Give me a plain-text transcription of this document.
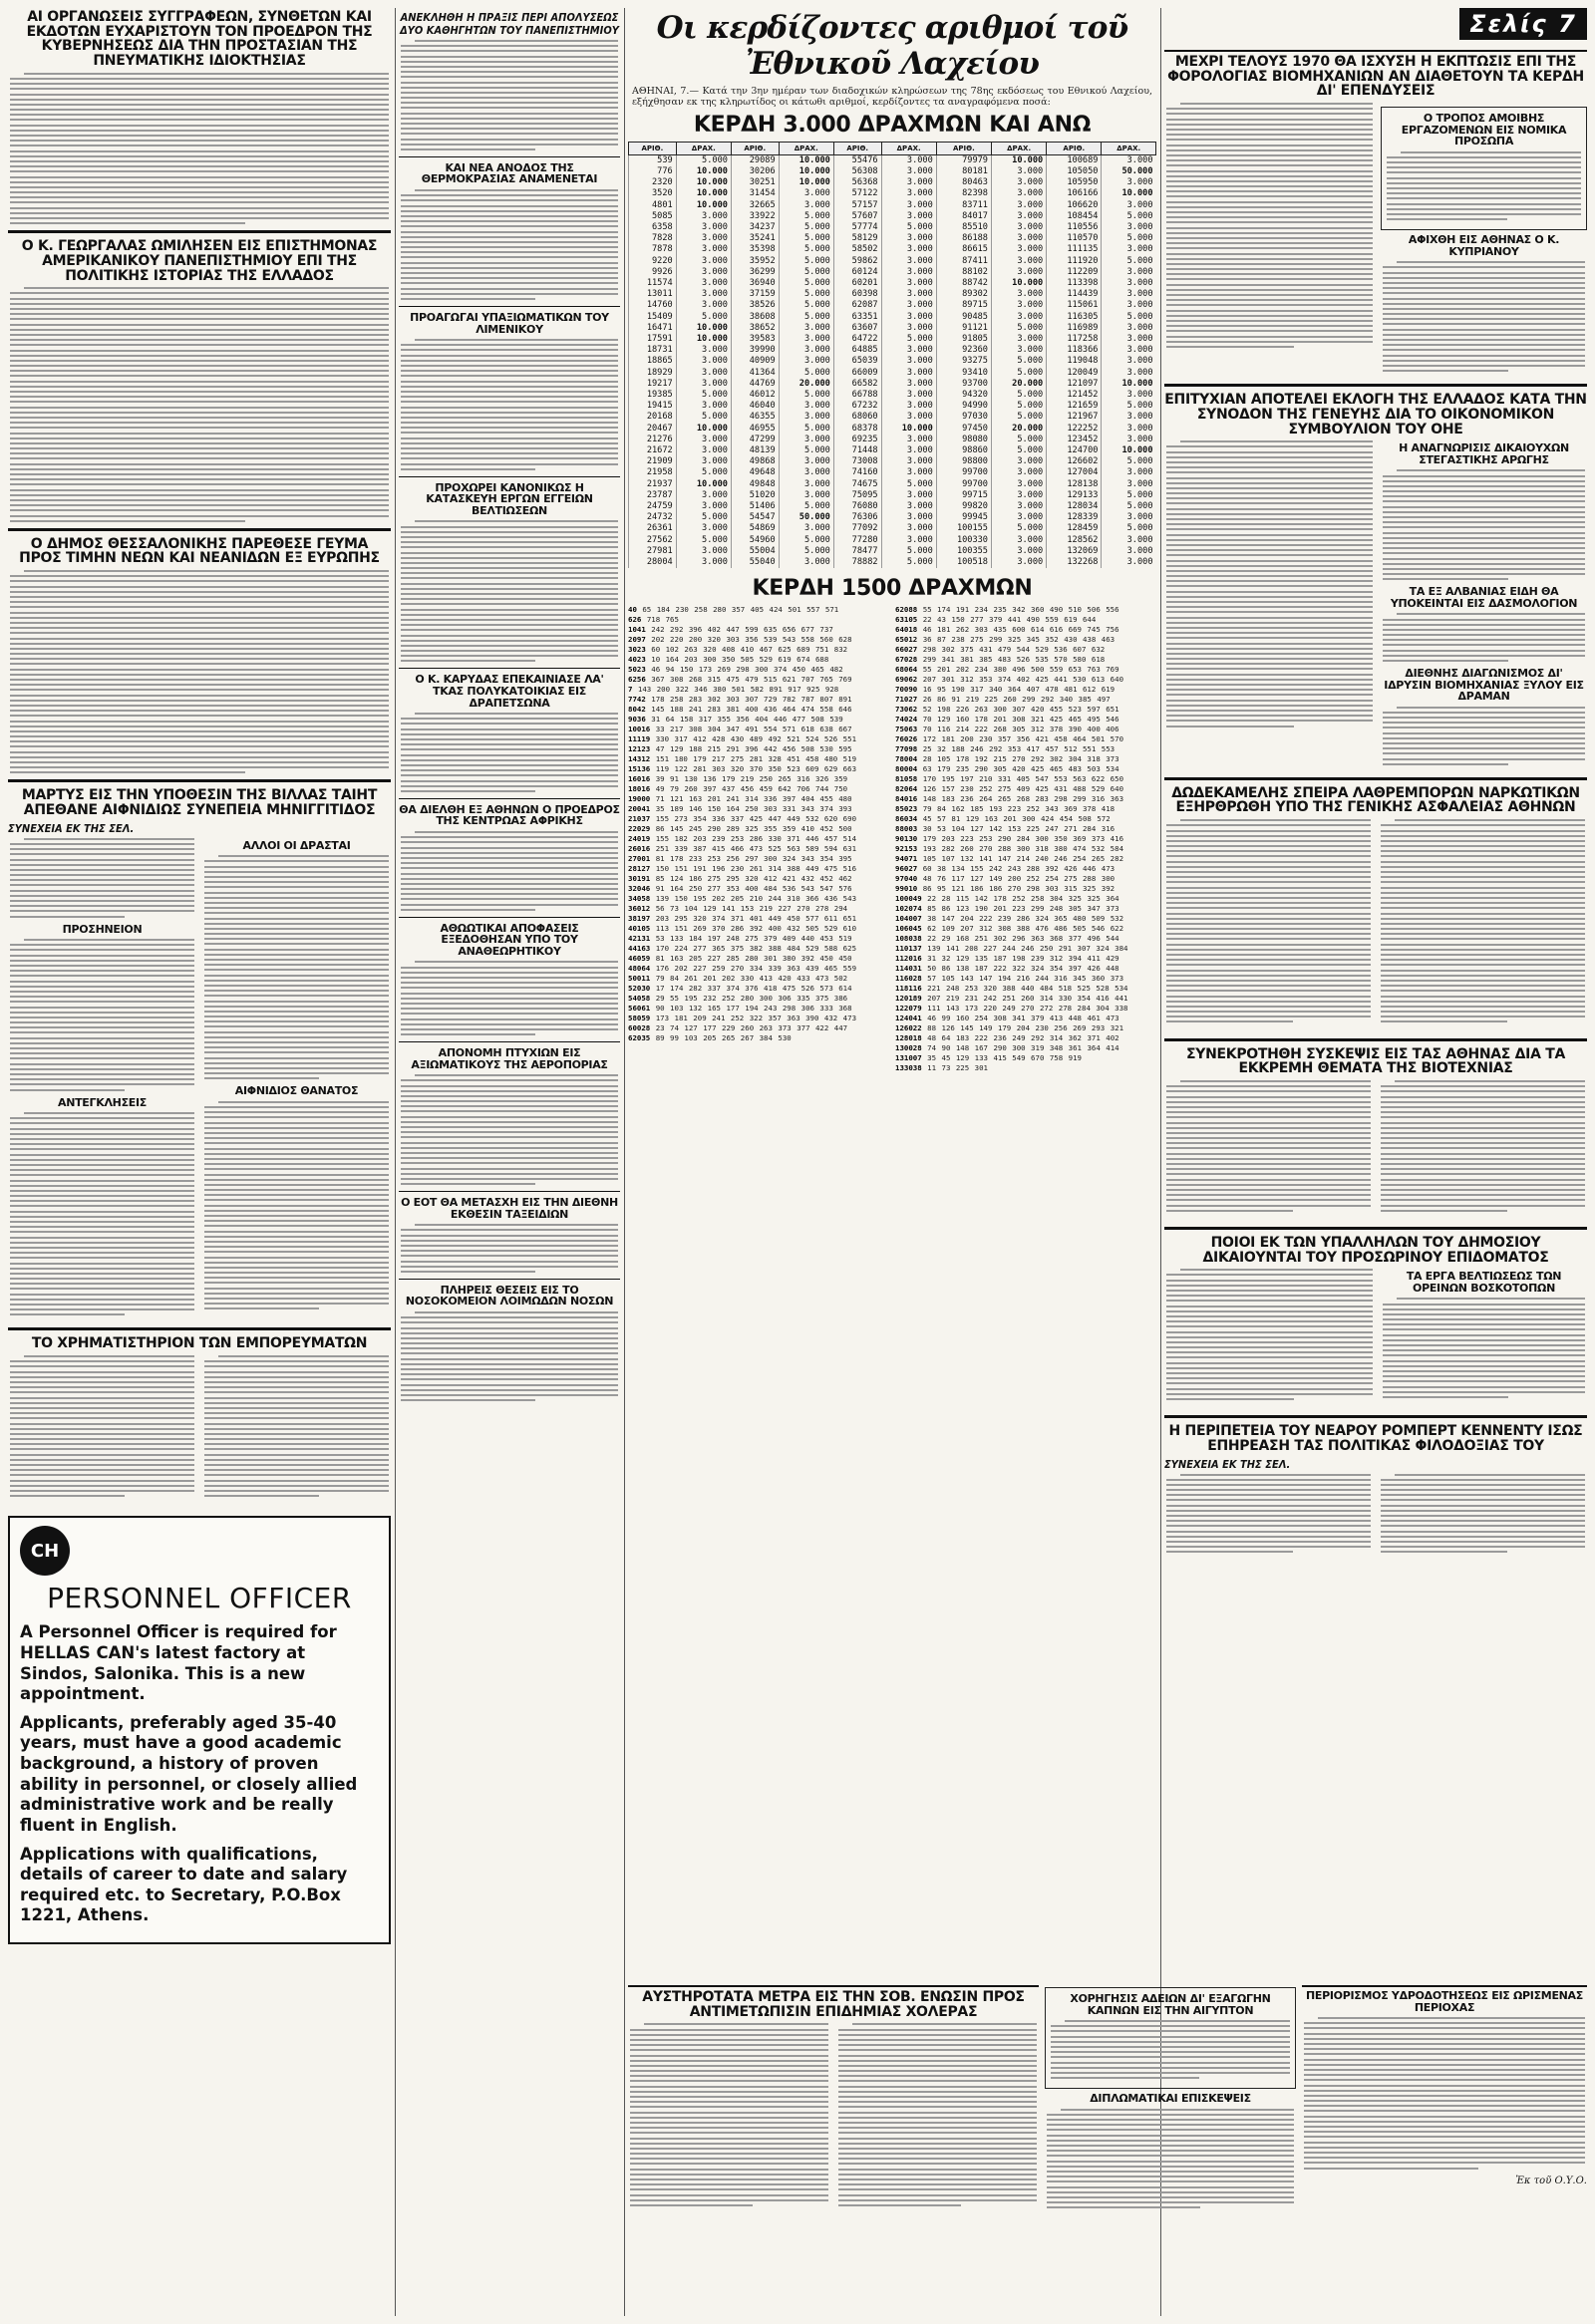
ΑΙ ΟΡΓΑΝΩΣΕΙΣ ΣΥΓΓΡΑΦΕΩΝ, ΣΥΝΘΕΤΩΝ ΚΑΙ ΕΚΔΟΤΩΝ ΕΥΧΑΡΙΣΤΟΥΝ ΤΟΝ ΠΡΟΕΔΡΟΝ ΤΗΣ ΚΥΒΕΡΝΗΣΕΩΣ ΔΙΑ ΤΗΝ ΠΡΟΣΤΑΣΙΑΝ ΤΗΣ ΠΝΕΥΜΑΤΙΚΗΣ ΙΔΙΟΚΤΗΣΙΑΣ
Ο Κ. ΓΕΩΡΓΑΛΑΣ ΩΜΙΛΗΣΕΝ ΕΙΣ ΕΠΙΣΤΗΜΟΝΑΣ ΑΜΕΡΙΚΑΝΙΚΟΥ ΠΑΝΕΠΙΣΤΗΜΙΟΥ ΕΠΙ ΤΗΣ ΠΟΛΙΤΙΚΗΣ ΙΣΤΟΡΙΑΣ ΤΗΣ ΕΛΛΑΔΟΣ
Ο ΔΗΜΟΣ ΘΕΣΣΑΛΟΝΙΚΗΣ ΠΑΡΕΘΕΣΕ ΓΕΥΜΑ ΠΡΟΣ ΤΙΜΗΝ ΝΕΩΝ ΚΑΙ ΝΕΑΝΙΔΩΝ ΕΞ ΕΥΡΩΠΗΣ
ΜΑΡΤΥΣ ΕΙΣ ΤΗΝ ΥΠΟΘΕΣΙΝ ΤΗΣ ΒΙΛΛΑΣ ΤΑΙΗΤ ΑΠΕΘΑΝΕ ΑΙΦΝΙΔΙΩΣ ΣΥΝΕΠΕΙΑ ΜΗΝΙΓΓΙΤΙΔΟΣ
ΣΥΝΕΧΕΙΑ ΕΚ ΤΗΣ ΣΕΛ.
ΠΡΟΣΗΝΕΙΟΝ
ΑΝΤΕΓΚΛΗΣΕΙΣ
ΑΛΛΟΙ ΟΙ ΔΡΑΣΤΑΙ
ΑΙΦΝΙΔΙΟΣ ΘΑΝΑΤΟΣ
ΤΟ ΧΡΗΜΑΤΙΣΤΗΡΙΟΝ ΤΩΝ ΕΜΠΟΡΕΥΜΑΤΩΝ
CH
PERSONNEL OFFICER

A Personnel Officer is required for HELLAS CAN's latest factory at Sindos, Salonika. This is a new appointment.

Applicants, preferably aged 35-40 years, must have a good academic background, a history of proven ability in personnel, or closely allied administrative work and be really fluent in English.

Applications with qualifications, details of career to date and salary required etc. to Secretary, P.O.Box 1221, Athens.

ΑΝΕΚΛΗΘΗ Η ΠΡΑΞΙΣ ΠΕΡΙ ΑΠΟΛΥΣΕΩΣ ΔΥΟ ΚΑΘΗΓΗΤΩΝ ΤΟΥ ΠΑΝΕΠΙΣΤΗΜΙΟΥ
ΚΑΙ ΝΕΑ ΑΝΟΔΟΣ ΤΗΣ ΘΕΡΜΟΚΡΑΣΙΑΣ ΑΝΑΜΕΝΕΤΑΙ
ΠΡΟΑΓΩΓΑΙ ΥΠΑΞΙΩΜΑΤΙΚΩΝ ΤΟΥ ΛΙΜΕΝΙΚΟΥ
ΠΡΟΧΩΡΕΙ ΚΑΝΟΝΙΚΩΣ Η ΚΑΤΑΣΚΕΥΗ ΕΡΓΩΝ ΕΓΓΕΙΩΝ ΒΕΛΤΙΩΣΕΩΝ
Ο Κ. ΚΑΡΥΔΑΣ ΕΠΕΚΑΙΝΙΑΣΕ ΛΑ' ΤΚΑΣ ΠΟΛΥΚΑΤΟΙΚΙΑΣ ΕΙΣ ΔΡΑΠΕΤΣΩΝΑ
ΘΑ ΔΙΕΛΘΗ ΕΞ ΑΘΗΝΩΝ Ο ΠΡΟΕΔΡΟΣ ΤΗΣ ΚΕΝΤΡΩΑΣ ΑΦΡΙΚΗΣ
ΑΘΩΩΤΙΚΑΙ ΑΠΟΦΑΣΕΙΣ ΕΞΕΔΟΘΗΣΑΝ ΥΠΟ ΤΟΥ ΑΝΑΘΕΩΡΗΤΙΚΟΥ
ΑΠΟΝΟΜΗ ΠΤΥΧΙΩΝ ΕΙΣ ΑΞΙΩΜΑΤΙΚΟΥΣ ΤΗΣ ΑΕΡΟΠΟΡΙΑΣ
Ο ΕΟΤ ΘΑ ΜΕΤΑΣΧΗ ΕΙΣ ΤΗΝ ΔΙΕΘΝΗ ΕΚΘΕΣΙΝ ΤΑΞΕΙΔΙΩΝ
ΠΛΗΡΕΙΣ ΘΕΣΕΙΣ ΕΙΣ ΤΟ ΝΟΣΟΚΟΜΕΙΟΝ ΛΟΙΜΩΔΩΝ ΝΟΣΩΝ
Οι κερδίζοντες αριθμοί τοῦ Ἐθνικοῦ Λαχείου
ΑΘΗΝΑΙ, 7.— Κατά την 3ην ημέραν των διαδοχικών κληρώσεων της 78ης εκδόσεως του Εθνικού Λαχείου, εξήχθησαν εκ της κληρωτίδος οι κάτωθι αριθμοί, κερδίζοντες τα αναγραφόμενα ποσά:
ΚΕΡΔΗ 3.000 ΔΡΑΧΜΩΝ ΚΑΙ ΑΝΩ
ΑΡΙΘ.	ΔΡΑΧ.	ΑΡΙΘ.	ΔΡΑΧ.	ΑΡΙΘ.	ΔΡΑΧ.	ΑΡΙΘ.	ΔΡΑΧ.	ΑΡΙΘ.	ΔΡΑΧ.
539	5.000	29089	10.000	55476	3.000	79979	10.000	100689	3.000
776	10.000	30206	10.000	56308	3.000	80181	3.000	105050	50.000
2320	10.000	30251	10.000	56368	3.000	80463	3.000	105950	3.000
3520	10.000	31454	3.000	57122	3.000	82398	3.000	106166	10.000
4801	10.000	32665	3.000	57157	3.000	83711	3.000	106620	3.000
5085	3.000	33922	5.000	57607	3.000	84017	3.000	108454	5.000
6358	3.000	34237	5.000	57774	5.000	85510	3.000	110556	3.000
7828	3.000	35241	5.000	58129	3.000	86188	3.000	110570	5.000
7878	3.000	35398	5.000	58502	3.000	86615	3.000	111135	3.000
9220	3.000	35952	5.000	59862	3.000	87411	3.000	111920	5.000
9926	3.000	36299	5.000	60124	3.000	88102	3.000	112209	3.000
11574	3.000	36940	5.000	60201	3.000	88742	10.000	113398	3.000
13011	3.000	37159	5.000	60398	3.000	89302	3.000	114439	3.000
14760	3.000	38526	5.000	62087	3.000	89715	3.000	115061	3.000
15409	5.000	38608	5.000	63351	3.000	90485	3.000	116305	5.000
16471	10.000	38652	3.000	63607	3.000	91121	5.000	116989	3.000
17591	10.000	39583	3.000	64722	5.000	91805	3.000	117258	3.000
18731	3.000	39990	3.000	64885	3.000	92360	3.000	118366	3.000
18865	3.000	40909	3.000	65039	3.000	93275	5.000	119048	3.000
18929	3.000	41364	5.000	66009	3.000	93410	5.000	120049	3.000
19217	3.000	44769	20.000	66582	3.000	93700	20.000	121097	10.000
19385	5.000	46012	5.000	66788	3.000	94320	5.000	121452	3.000
19415	3.000	46040	3.000	67232	3.000	94990	5.000	121659	5.000
20168	5.000	46355	3.000	68060	3.000	97030	5.000	121967	3.000
20467	10.000	46955	5.000	68378	10.000	97450	20.000	122252	3.000
21276	3.000	47299	3.000	69235	3.000	98080	5.000	123452	3.000
21672	3.000	48139	5.000	71448	3.000	98860	5.000	124700	10.000
21909	3.000	49868	3.000	73008	3.000	98800	3.000	126602	5.000
21958	5.000	49648	3.000	74160	3.000	99700	3.000	127004	3.000
21937	10.000	49848	3.000	74675	5.000	99700	3.000	128138	3.000
23787	3.000	51020	3.000	75095	3.000	99715	3.000	129133	5.000
24759	3.000	51406	5.000	76080	3.000	99820	3.000	128034	5.000
24732	5.000	54547	50.000	76306	3.000	99945	3.000	128339	3.000
26361	3.000	54869	3.000	77092	3.000	100155	5.000	128459	5.000
27562	5.000	54960	5.000	77280	3.000	100330	3.000	128562	3.000
27981	3.000	55004	5.000	78477	5.000	100355	3.000	132069	3.000
28004	3.000	55040	3.000	78882	5.000	100518	3.000	132268	3.000
ΚΕΡΔΗ 1500 ΔΡΑΧΜΩΝ
40 65 184 230 258 280 357 405 424 501 557 571
626 718 765
1041 242 292 396 402 447 599 635 656 677 737
2097 202 220 200 320 303 356 539 543 558 560 628
3023 60 102 263 320 408 410 467 625 689 751 832
4023 10 164 203 300 350 505 529 619 674 688
5023 46 94 150 173 269 298 300 374 450 465 482
6256 367 308 268 315 475 479 515 621 707 765 769
7 143 200 322 346 380 501 582 891 917 925 928
7742 178 258 283 302 303 307 729 782 787 807 891
8042 145 188 241 283 381 400 436 464 474 558 646
9036 31 64 158 317 355 356 404 446 477 508 539
10016 33 217 308 304 347 491 554 571 618 638 667
11119 330 317 412 428 430 489 492 521 524 526 551
12123 47 129 188 215 291 396 442 456 508 530 595
14312 151 180 179 217 275 281 328 451 458 480 519
15136 119 122 281 303 320 370 350 523 609 629 663
16016 39 91 130 136 179 219 250 265 316 326 359
18016 49 79 260 397 437 456 459 642 706 744 750
19000 71 121 163 201 241 314 336 397 404 455 480
20041 35 189 146 150 164 250 303 331 343 374 393
21037 155 273 354 336 337 425 447 449 532 620 690
22029 86 145 245 290 289 325 355 359 410 452 500
24019 155 182 203 239 253 286 330 371 446 457 514
26016 251 339 387 415 466 473 525 563 589 594 631
27001 81 178 233 253 256 297 300 324 343 354 395
28127 150 151 191 196 230 261 314 388 449 475 516
30191 85 124 186 275 295 320 412 421 432 452 462
32046 91 164 250 277 353 400 484 536 543 547 576
34058 139 150 195 202 205 210 244 310 366 436 543
36012 56 73 104 129 141 153 219 227 270 278 294
38197 203 295 320 374 371 401 449 450 577 611 651
40105 113 151 269 370 286 392 400 432 505 529 610
42131 53 133 184 197 248 275 379 409 440 453 519
44163 170 224 277 365 375 382 388 484 529 588 625
46059 81 163 205 227 285 280 301 380 392 450 450
48064 176 202 227 259 270 334 339 363 439 465 559
50011 79 84 261 201 202 330 413 420 433 473 502
52030 17 174 282 337 374 376 418 475 526 573 614
54058 29 55 195 232 252 280 300 306 335 375 386
56061 90 103 132 165 177 194 243 298 306 333 368
58059 173 181 209 241 252 322 357 363 390 432 473
60028 23 74 127 177 229 260 263 373 377 422 447
62035 89 99 103 205 265 267 384 530
62088 55 174 191 234 235 342 360 490 510 506 556
63105 22 43 150 277 379 441 490 559 619 644
64018 46 181 262 303 435 600 614 616 669 745 756
65012 36 87 238 275 299 325 345 352 430 438 463
66027 298 302 375 431 479 544 529 536 607 632
67028 299 341 381 385 483 526 535 570 580 618
68064 55 201 202 234 380 496 500 559 653 763 769
69062 207 301 312 353 374 402 425 441 530 613 640
70090 16 95 190 317 340 364 407 478 481 612 619
71027 26 86 91 219 225 260 299 292 340 385 497
73062 52 198 226 263 300 307 420 455 523 597 651
74024 70 129 160 178 201 308 321 425 465 495 546
75063 70 116 214 222 268 305 312 378 390 400 406
76026 172 181 200 230 357 356 421 458 464 501 570
77098 25 32 188 246 292 353 417 457 512 551 553
78004 28 105 178 192 215 270 292 302 304 318 373
80004 63 179 235 290 305 420 425 465 483 503 534
81058 170 195 197 210 331 405 547 553 563 622 650
82064 126 157 230 252 275 409 425 431 488 529 640
84016 148 183 236 264 265 268 283 298 299 316 363
85023 79 84 162 185 193 223 252 343 369 378 418
86034 45 57 81 129 163 201 300 424 454 508 572
88003 30 53 104 127 142 153 225 247 271 284 316
90130 179 203 223 253 290 284 300 350 369 373 416
92153 193 282 260 270 288 300 318 380 474 532 584
94071 105 107 132 141 147 214 240 246 254 265 282
96027 60 38 134 155 242 243 288 392 426 446 473
97040 48 76 117 127 149 200 252 254 275 288 300
99010 86 95 121 186 186 270 298 303 315 325 392
100049 22 28 115 142 178 252 258 304 325 325 364
102074 85 86 123 190 201 223 299 248 305 347 373
104007 38 147 204 222 239 286 324 365 480 509 532
106045 62 109 207 312 308 388 476 486 505 546 622
108038 22 29 168 251 302 296 363 368 377 496 544
110137 139 141 208 227 244 246 250 291 307 324 384
112016 31 32 129 135 187 198 239 312 394 411 429
114031 50 86 138 187 222 322 324 354 397 426 448
116028 57 105 143 147 194 216 244 316 345 360 373
118116 221 248 253 320 388 440 484 518 525 528 534
120189 207 219 231 242 251 260 314 330 354 416 441
122079 111 143 173 220 249 270 272 278 284 304 338
124041 46 99 160 254 308 341 379 413 448 461 473
126022 88 126 145 149 179 204 230 256 269 293 321
128018 48 64 183 222 236 249 292 314 362 371 402
130028 74 90 148 167 290 300 319 348 361 364 414
131007 35 45 129 133 415 549 670 758 919
133038 11 73 225 301
Σελίς 7
ΜΕΧΡΙ ΤΕΛΟΥΣ 1970 ΘΑ ΙΣΧΥΣΗ Η ΕΚΠΤΩΣΙΣ ΕΠΙ ΤΗΣ ΦΟΡΟΛΟΓΙΑΣ ΒΙΟΜΗΧΑΝΙΩΝ ΑΝ ΔΙΑΘΕΤΟΥΝ ΤΑ ΚΕΡΔΗ ΔΙ' ΕΠΕΝΔΥΣΕΙΣ
Ο ΤΡΟΠΟΣ ΑΜΟΙΒΗΣ ΕΡΓΑΖΟΜΕΝΩΝ ΕΙΣ ΝΟΜΙΚΑ ΠΡΟΣΩΠΑ
ΑΦΙΧΘΗ ΕΙΣ ΑΘΗΝΑΣ Ο Κ. ΚΥΠΡΙΑΝΟΥ
ΕΠΙΤΥΧΙΑΝ ΑΠΟΤΕΛΕΙ ΕΚΛΟΓΗ ΤΗΣ ΕΛΛΑΔΟΣ ΚΑΤΑ ΤΗΝ ΣΥΝΟΔΟΝ ΤΗΣ ΓΕΝΕΥΗΣ ΔΙΑ ΤΟ ΟΙΚΟΝΟΜΙΚΟΝ ΣΥΜΒΟΥΛΙΟΝ ΤΟΥ ΟΗΕ
Η ΑΝΑΓΝΩΡΙΣΙΣ ΔΙΚΑΙΟΥΧΩΝ ΣΤΕΓΑΣΤΙΚΗΣ ΑΡΩΓΗΣ
ΤΑ ΕΞ ΑΛΒΑΝΙΑΣ ΕΙΔΗ ΘΑ ΥΠΟΚΕΙΝΤΑΙ ΕΙΣ ΔΑΣΜΟΛΟΓΙΟΝ
ΔΙΕΘΝΗΣ ΔΙΑΓΩΝΙΣΜΟΣ ΔΙ' ΙΔΡΥΣΙΝ ΒΙΟΜΗΧΑΝΙΑΣ ΞΥΛΟΥ ΕΙΣ ΔΡΑΜΑΝ
ΔΩΔΕΚΑΜΕΛΗΣ ΣΠΕΙΡΑ ΛΑΘΡΕΜΠΟΡΩΝ ΝΑΡΚΩΤΙΚΩΝ ΕΞΗΡΘΡΩΘΗ ΥΠΟ ΤΗΣ ΓΕΝΙΚΗΣ ΑΣΦΑΛΕΙΑΣ ΑΘΗΝΩΝ
ΣΥΝΕΚΡΟΤΗΘΗ ΣΥΣΚΕΨΙΣ ΕΙΣ ΤΑΣ ΑΘΗΝΑΣ ΔΙΑ ΤΑ ΕΚΚΡΕΜΗ ΘΕΜΑΤΑ ΤΗΣ ΒΙΟΤΕΧΝΙΑΣ
ΠΟΙΟΙ ΕΚ ΤΩΝ ΥΠΑΛΛΗΛΩΝ ΤΟΥ ΔΗΜΟΣΙΟΥ ΔΙΚΑΙΟΥΝΤΑΙ ΤΟΥ ΠΡΟΣΩΡΙΝΟΥ ΕΠΙΔΟΜΑΤΟΣ
ΤΑ ΕΡΓΑ ΒΕΛΤΙΩΣΕΩΣ ΤΩΝ ΟΡΕΙΝΩΝ ΒΟΣΚΟΤΟΠΩΝ
Η ΠΕΡΙΠΕΤΕΙΑ ΤΟΥ ΝΕΑΡΟΥ ΡΟΜΠΕΡΤ ΚΕΝΝΕΝΤΥ ΙΣΩΣ ΕΠΗΡΕΑΣΗ ΤΑΣ ΠΟΛΙΤΙΚΑΣ ΦΙΛΟΔΟΞΙΑΣ ΤΟΥ
ΣΥΝΕΧΕΙΑ ΕΚ ΤΗΣ ΣΕΛ.
ΑΥΣΤΗΡΟΤΑΤΑ ΜΕΤΡΑ ΕΙΣ ΤΗΝ ΣΟΒ. ΕΝΩΣΙΝ ΠΡΟΣ ΑΝΤΙΜΕΤΩΠΙΣΙΝ ΕΠΙΔΗΜΙΑΣ ΧΟΛΕΡΑΣ
ΧΟΡΗΓΗΣΙΣ ΑΔΕΙΩΝ ΔΙ' ΕΞΑΓΩΓΗΝ ΚΑΠΝΩΝ ΕΙΣ ΤΗΝ ΑΙΓΥΠΤΟΝ
ΔΙΠΛΩΜΑΤΙΚΑΙ ΕΠΙΣΚΕΨΕΙΣ
ΠΕΡΙΟΡΙΣΜΟΣ ΥΔΡΟΔΟΤΗΣΕΩΣ ΕΙΣ ΩΡΙΣΜΕΝΑΣ ΠΕΡΙΟΧΑΣ
Ἐκ τοῦ Ο.Υ.Ο.
